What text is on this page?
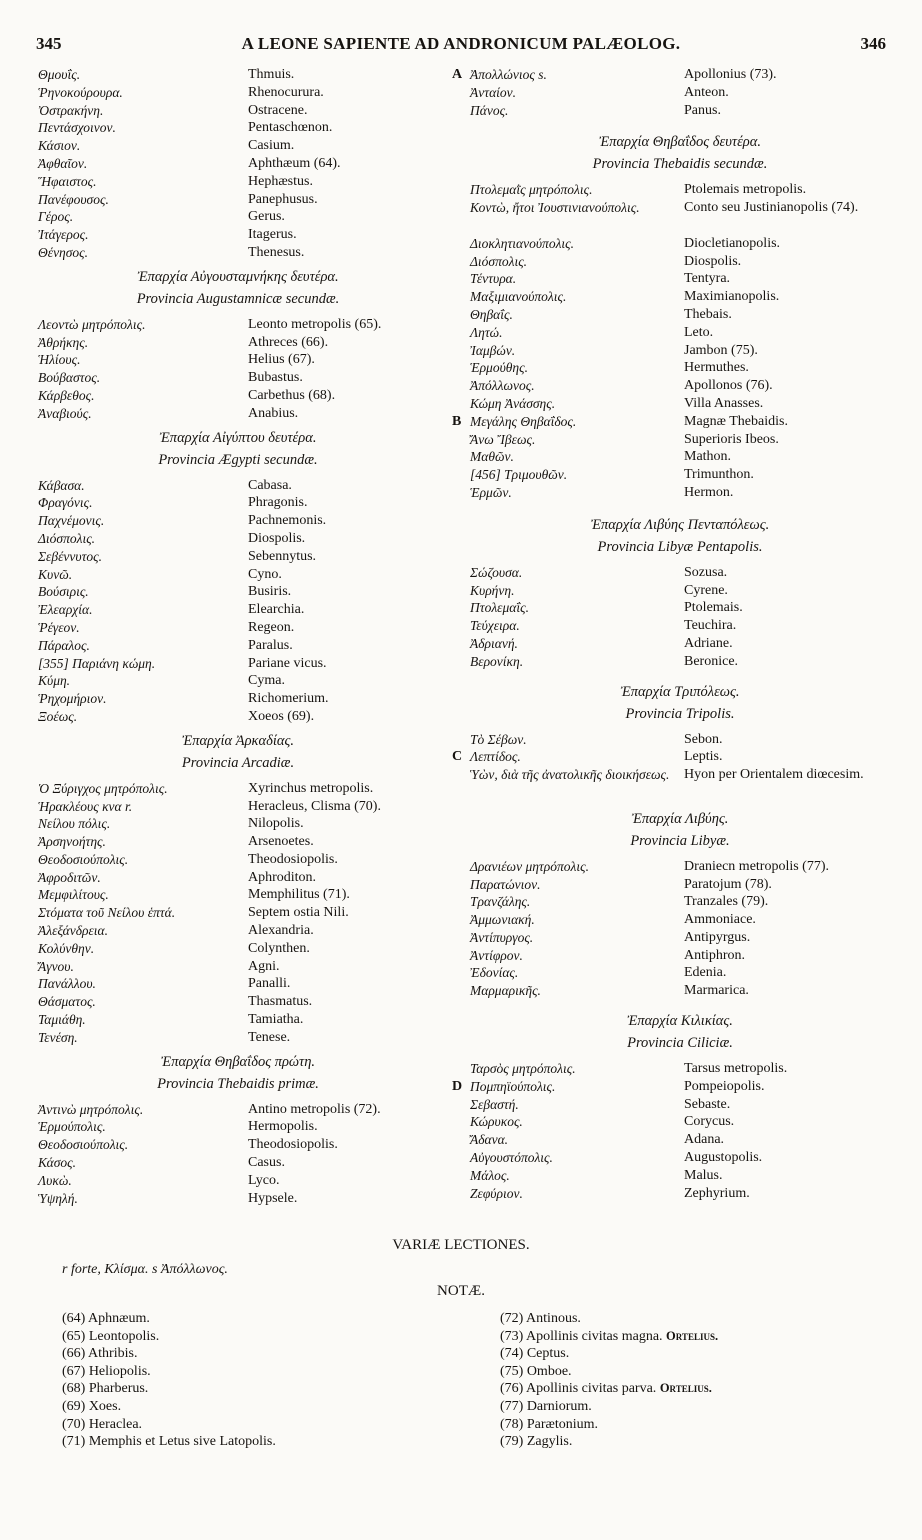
345	A LEONE SAPIENTE AD ANDRONICUM PALÆOLOG.	346
Θμουΐς.	Thmuis.
Ῥηνοκούρουρα.	Rhenocurura.
Ὀστρακήνη.	Ostracene.
Πεντάσχοινον.	Pentaschœnon.
Κάσιον.	Casium.
Ἀφθαῖον.	Aphthæum (64).
Ἥφαιστος.	Hephæstus.
Πανέφουσος.	Panephusus.
Γέρος.	Gerus.
Ἰτάγερος.	Itagerus.
Θένησος.	Thenesus.
Ἐπαρχία Αὐγουσταμνήκης δευτέρα.
Provincia Augustamnicæ secundæ.
Λεοντὼ μητρόπολις.	Leonto metropolis (65).
Ἀθρήκης.	Athreces (66).
Ἡλίους.	Helius (67).
Βούβαστος.	Bubastus.
Κάρβεθος.	Carbethus (68).
Ἀναβιούς.	Anabius.
Ἐπαρχία Αἰγύπτου δευτέρα.
Provincia Ægypti secundæ.
Κάβασα.	Cabasa.
Φραγόνις.	Phragonis.
Παχνέμονις.	Pachnemonis.
Διόσπολις.	Diospolis.
Σεβέννυτος.	Sebennytus.
Κυνῶ.	Cyno.
Βούσιρις.	Busiris.
Ἐλεαρχία.	Elearchia.
Ῥέγεον.	Regeon.
Πάραλος.	Paralus.
[355] Παριάνη κώμη.	Pariane vicus.
Κύμη.	Cyma.
Ῥηχομήριον.	Richomerium.
Ξοέως.	Xoeos (69).
Ἐπαρχία Ἀρκαδίας.
Provincia Arcadiæ.
Ὁ Ξύριγχος μητρόπολις.	Xyrinchus metropolis.
Ἡρακλέους κνα r.	Heracleus, Clisma (70).
Νείλου πόλις.	Nilopolis.
Ἀρσηνοήτης.	Arsenoetes.
Θεοδοσιούπολις.	Theodosiopolis.
Ἀφροδιτῶν.	Aphroditon.
Μεμφιλίτους.	Memphilitus (71).
Στόματα τοῦ Νείλου ἑπτά.	Septem ostia Nili.
Ἀλεξάνδρεια.	Alexandria.
Κολύνθην.	Colynthen.
Ἄγνου.	Agni.
Πανάλλου.	Panalli.
Θάσματος.	Thasmatus.
Ταμιάθη.	Tamiatha.
Τενέση.	Tenese.
Ἐπαρχία Θηβαΐδος πρώτη.
Provincia Thebaidis primæ.
Ἀντινὼ μητρόπολις.	Antino metropolis (72).
Ἑρμούπολις.	Hermopolis.
Θεοδοσιούπολις.	Theodosiopolis.
Κάσος.	Casus.
Λυκὼ.	Lyco.
Ὑψηλή.	Hypsele.
A Ἀπολλώνιος s.	Apollonius (73).
Ἀνταίον.	Anteon.
Πάνος.	Panus.
Ἐπαρχία Θηβαΐδος δευτέρα.
Provincia Thebaidis secundæ.
Πτολεμαῒς μητρόπολις.	Ptolemais metropolis.
Κοντὼ, ἤτοι Ἰουστινιανούπολις.	Conto seu Justinianopolis (74).
Διοκλητιανούπολις.	Diocletianopolis.
Διόσπολις.	Diospolis.
Τέντυρα.	Tentyra.
Μαξιμιανούπολις.	Maximianopolis.
Θηβαΐς.	Thebais.
Λητώ.	Leto.
Ἰαμβών.	Jambon (75).
Ἑρμούθης.	Hermuthes.
Ἀπόλλωνος.	Apollonos (76).
Κώμη Ἀνάσσης.	Villa Anasses.
B Μεγάλης Θηβαΐδος.	Magnæ Thebaidis.
Ἄνω Ἴβεως.	Superioris Ibeos.
Μαθῶν.	Mathon.
[456] Τριμουθῶν.	Trimunthon.
Ἑρμῶν.	Hermon.
Ἐπαρχία Λιβύης Πενταπόλεως.
Provincia Libyæ Pentapolis.
Σώζουσα.	Sozusa.
Κυρήνη.	Cyrene.
Πτολεμαΐς.	Ptolemais.
Τεύχειρα.	Teuchira.
Ἀδριανή.	Adriane.
Βερονίκη.	Beronice.
Ἐπαρχία Τριπόλεως.
Provincia Tripolis.
Τὸ Σέβων.	Sebon.
C Λεπτίδος.	Leptis.
Ὑὼν, διὰ τῆς ἀνατολικῆς διοικήσεως. Hyon per Orientalem diœcesim.
Ἐπαρχία Λιβύης.
Provincia Libyæ.
Δρανιέων μητρόπολις.	Draniecn metropolis (77).
Παρατώνιον.	Paratojum (78).
Τρανζάλης.	Tranzales (79).
Ἀμμωνιακή.	Ammoniace.
Ἀντίπυργος.	Antipyrgus.
Ἀντίφρον.	Antiphron.
Ἐδονίας.	Edenia.
Μαρμαρικῆς.	Marmarica.
Ἐπαρχία Κιλικίας.
Provincia Ciliciæ.
Ταρσὸς μητρόπολις.	Tarsus metropolis.
D Πομπηϊούπολις.	Pompeiopolis.
Σεβαστή.	Sebaste.
Κώρυκος.	Corycus.
Ἄδανα.	Adana.
Αὐγουστόπολις.	Augustopolis.
Μάλος.	Malus.
Ζεφύριον.	Zephyrium.
VARIÆ LECTIONES.
r forte, Κλίσμα. s Ἀπόλλωνος.
NOTÆ.
(64) Aphnæum.
(65) Leontopolis.
(66) Athribis.
(67) Heliopolis.
(68) Pharberus.
(69) Xoes.
(70) Heraclea.
(71) Memphis et Letus sive Latopolis.
(72) Antinous.
(73) Apollinis civitas magna. Ortelius.
(74) Ceptus.
(75) Omboe.
(76) Apollinis civitas parva. Ortelius.
(77) Darniorum.
(78) Parætonium.
(79) Zagylis.
